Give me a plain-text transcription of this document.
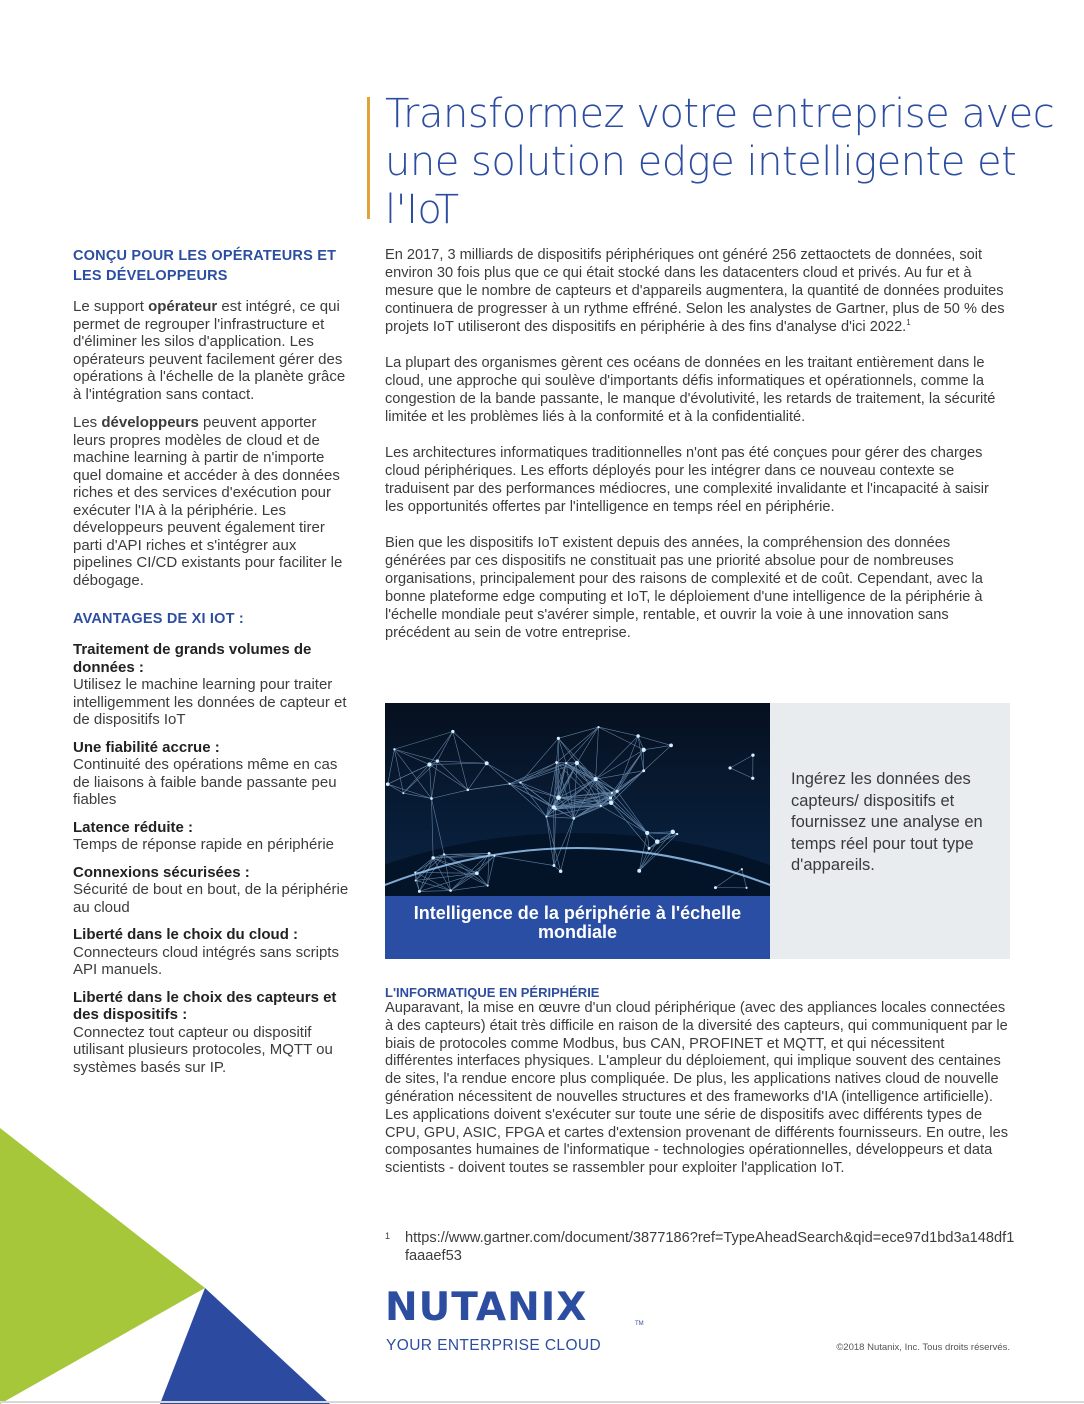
Transformez votre entreprise avec une solution edge intelligente et l'IoT
CONÇU POUR LES OPÉRATEURS ET LES DÉVELOPPEURS

Le support opérateur est intégré, ce qui permet de regrouper l'infrastructure et d'éliminer les silos d'application. Les opérateurs peuvent facilement gérer des opérations à l'échelle de la planète grâce à l'intégration sans contact.

Les développeurs peuvent apporter leurs propres modèles de cloud et de machine learning à partir de n'importe quel domaine et accéder à des données riches et des services d'exécution pour exécuter l'IA à la périphérie. Les développeurs peuvent également tirer parti d'API riches et s'intégrer aux pipelines CI/CD existants pour faciliter le débogage.

AVANTAGES DE XI IOT :
Traitement de grands volumes de données :
Utilisez le machine learning pour traiter intelligemment les données de capteur et de dispositifs IoT
Une fiabilité accrue :
Continuité des opérations même en cas de liaisons à faible bande passante peu fiables
Latence réduite :
Temps de réponse rapide en périphérie
Connexions sécurisées :
Sécurité de bout en bout, de la périphérie au cloud
Liberté dans le choix du cloud :
Connecteurs cloud intégrés sans scripts API manuels.
Liberté dans le choix des capteurs et des dispositifs :
Connectez tout capteur ou dispositif utilisant plusieurs protocoles, MQTT ou systèmes basés sur IP.

En 2017, 3 milliards de dispositifs périphériques ont généré 256 zettaoctets de données, soit environ 30 fois plus que ce qui était stocké dans les datacenters cloud et privés. Au fur et à mesure que le nombre de capteurs et d'appareils augmentera, la quantité de données produites continuera de progresser à un rythme effréné. Selon les analystes de Gartner, plus de 50 % des projets IoT utiliseront des dispositifs en périphérie à des fins d'analyse d'ici 2022.$^1$

La plupart des organismes gèrent ces océans de données en les traitant entièrement dans le cloud, une approche qui soulève d'importants défis informatiques et opérationnels, comme la congestion de la bande passante, le manque d'évolutivité, les retards de traitement, la sécurité limitée et les problèmes liés à la conformité et à la confidentialité.

Les architectures informatiques traditionnelles n'ont pas été conçues pour gérer des charges cloud périphériques. Les efforts déployés pour les intégrer dans ce nouveau contexte se traduisent par des performances médiocres, une complexité invalidante et l'incapacité à saisir les opportunités offertes par l'intelligence en temps réel en périphérie.

Bien que les dispositifs IoT existent depuis des années, la compréhension des données générées par ces dispositifs ne constituait pas une priorité absolue pour de nombreuses organisations, principalement pour des raisons de complexité et de coût. Cependant, avec la bonne plateforme edge computing et IoT, le déploiement d'une intelligence de la périphérie à l'échelle mondiale peut s'avérer simple, rentable, et ouvrir la voie à une innovation sans précédent au sein de votre entreprise.

Intelligence de la périphérie à l'échelle mondiale
Ingérez les données des capteurs/ dispositifs et fournissez une analyse en temps réel pour tout type d'appareils.
L'INFORMATIQUE EN PÉRIPHÉRIE

Auparavant, la mise en œuvre d'un cloud périphérique (avec des appliances locales connectées à des capteurs) était très difficile en raison de la diversité des capteurs, qui communiquent par le biais de protocoles comme Modbus, bus CAN, PROFINET et MQTT, et qui nécessitent différentes interfaces physiques. L'ampleur du déploiement, qui implique souvent des centaines de sites, l'a rendue encore plus compliquée. De plus, les applications natives cloud de nouvelle génération nécessitent de nouvelles structures et des frameworks d'IA (intelligence artificielle). Les applications doivent s'exécuter sur toute une série de dispositifs avec différents types de CPU, GPU, ASIC, FPGA et cartes d'extension provenant de différents fournisseurs. En outre, les composantes humaines de l'informatique - technologies opérationnelles, développeurs et data scientists - doivent toutes se rassembler pour exploiter l'application IoT.

1 https://www.gartner.com/document/3877186?ref=TypeAheadSearch&qid=ece97d1bd3a148df1faaaef53
NUTANIX	TM
YOUR ENTERPRISE CLOUD	©2018 Nutanix, Inc. Tous droits réservés.
